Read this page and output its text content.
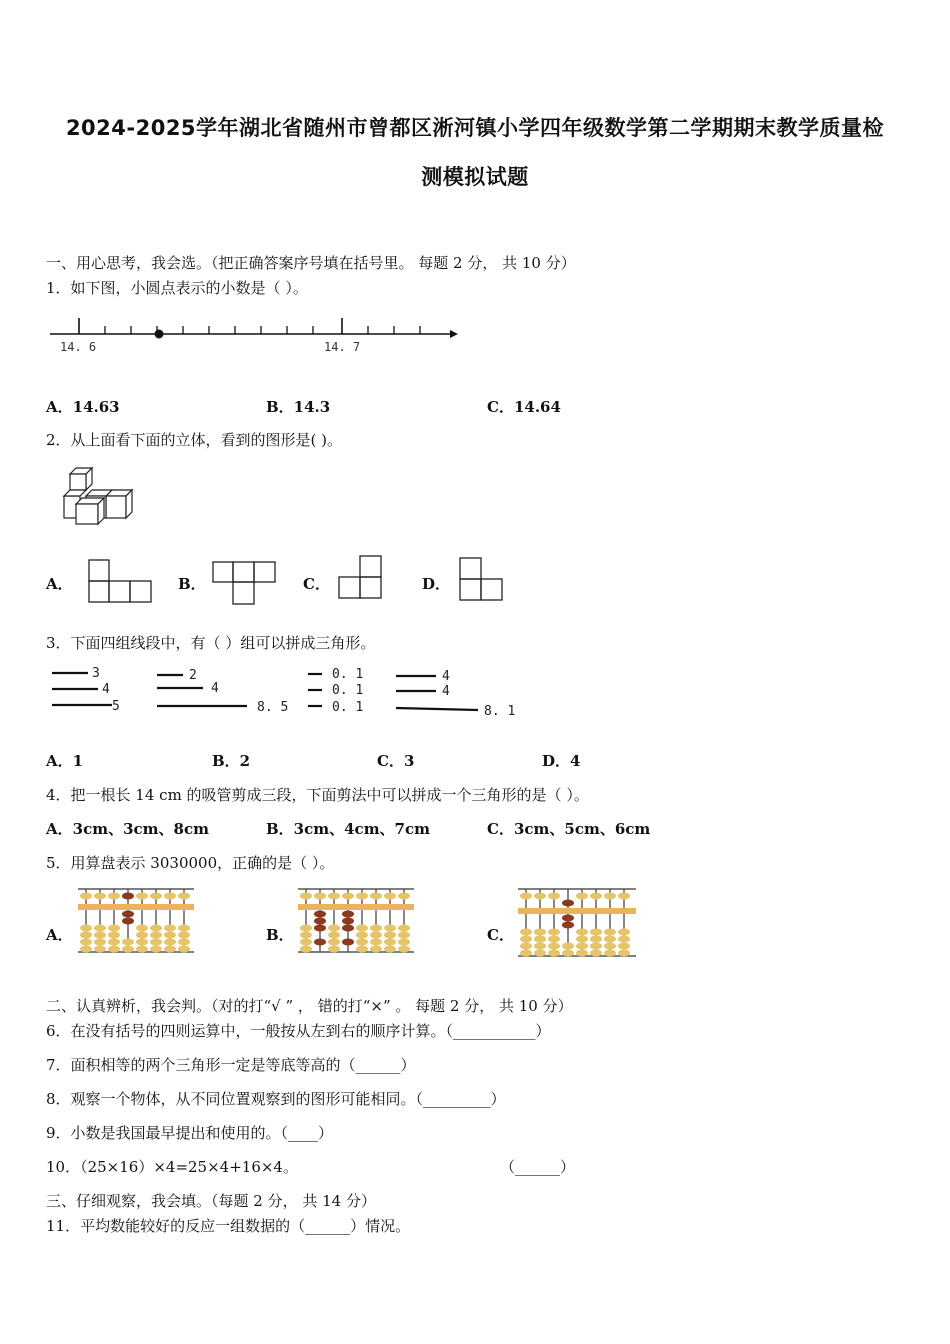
2024-2025学年湖北省随州市曾都区淅河镇小学四年级数学第二学期期末教学质量检
测模拟试题
一、用心思考，我会选。（把正确答案序号填在括号里。 每题 2 分， 共 10 分）
1．如下图，小圆点表示的小数是（ ）。
14. 6	14. 7
A．14.63	B．14.3	C．14.64
2．从上面看下面的立体，看到的图形是( )。
A．	B．	C．	D．
3．下面四组线段中，有（ ）组可以拼成三角形。
3
4
5
2
4
8. 5
0. 1
0. 1
0. 1
4
4
8. 1
A．1	B．2	C．3	D．4
4．把一根长 14 cm 的吸管剪成三段，下面剪法中可以拼成一个三角形的是（ ）。
A．3cm、3cm、8cm	B．3cm、4cm、7cm	C．3cm、5cm、6cm
5．用算盘表示 3030000，正确的是（ ）。
A．	B．	C．
二、认真辨析，我会判。（对的打“√ ” ， 错的打“×” 。 每题 2 分， 共 10 分）
6．在没有括号的四则运算中，一般按从左到右的顺序计算。（___________）
7．面积相等的两个三角形一定是等底等高的（______）
8．观察一个物体，从不同位置观察到的图形可能相同。（_________）
9．小数是我国最早提出和使用的。（____）
10．（25×16）×4=25×4+16×4。	（______）
三、仔细观察，我会填。（每题 2 分， 共 14 分）
11．平均数能较好的反应一组数据的（______）情况。
